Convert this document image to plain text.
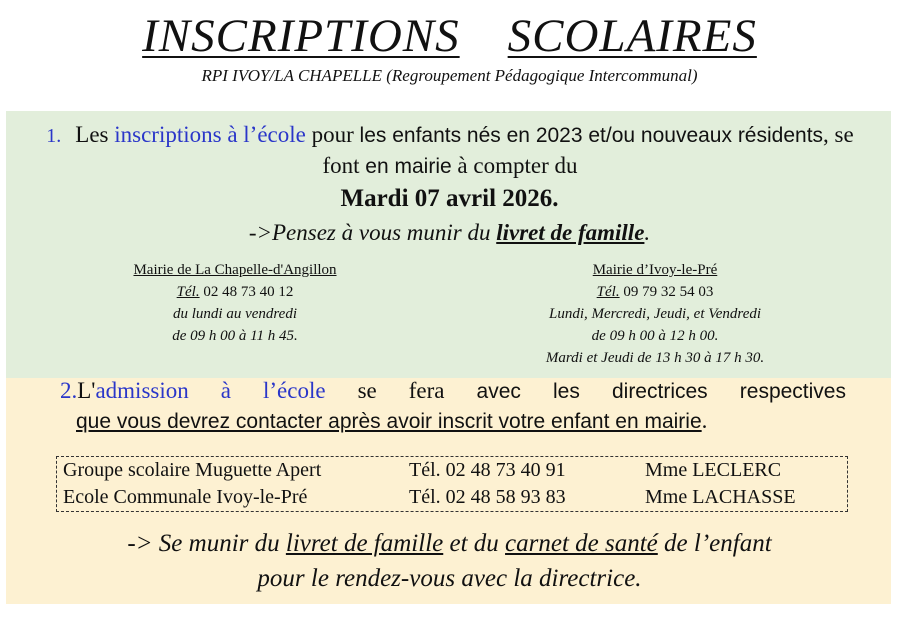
INSCRIPTIONS SCOLAIRES
RPI IVOY/LA CHAPELLE (Regroupement Pédagogique Intercommunal)
1. Les inscriptions à l’école pour les enfants nés en 2023 et/ou nouveaux résidents, se font en mairie à compter du
Mardi 07 avril 2026.
->Pensez à vous munir du livret de famille.
Mairie de La Chapelle-d'Angillon
Tél. 02 48 73 40 12
du lundi au vendredi
de 09 h 00 à 11 h 45.
Mairie d’Ivoy-le-Pré
Tél. 09 79 32 54 03
Lundi, Mercredi, Jeudi, et Vendredi
de 09 h 00 à 12 h 00.
Mardi et Jeudi de 13 h 30 à 17 h 30.
2.L'admission à l’école se fera avec les directrices respectives
que vous devrez contacter après avoir inscrit votre enfant en mairie.
Groupe scolaire Muguette Apert	Tél. 02 48 73 40 91	Mme LECLERC
Ecole Communale Ivoy-le-Pré	Tél. 02 48 58 93 83	Mme LACHASSE
-> Se munir du livret de famille et du carnet de santé de l’enfant
pour le rendez-vous avec la directrice.
